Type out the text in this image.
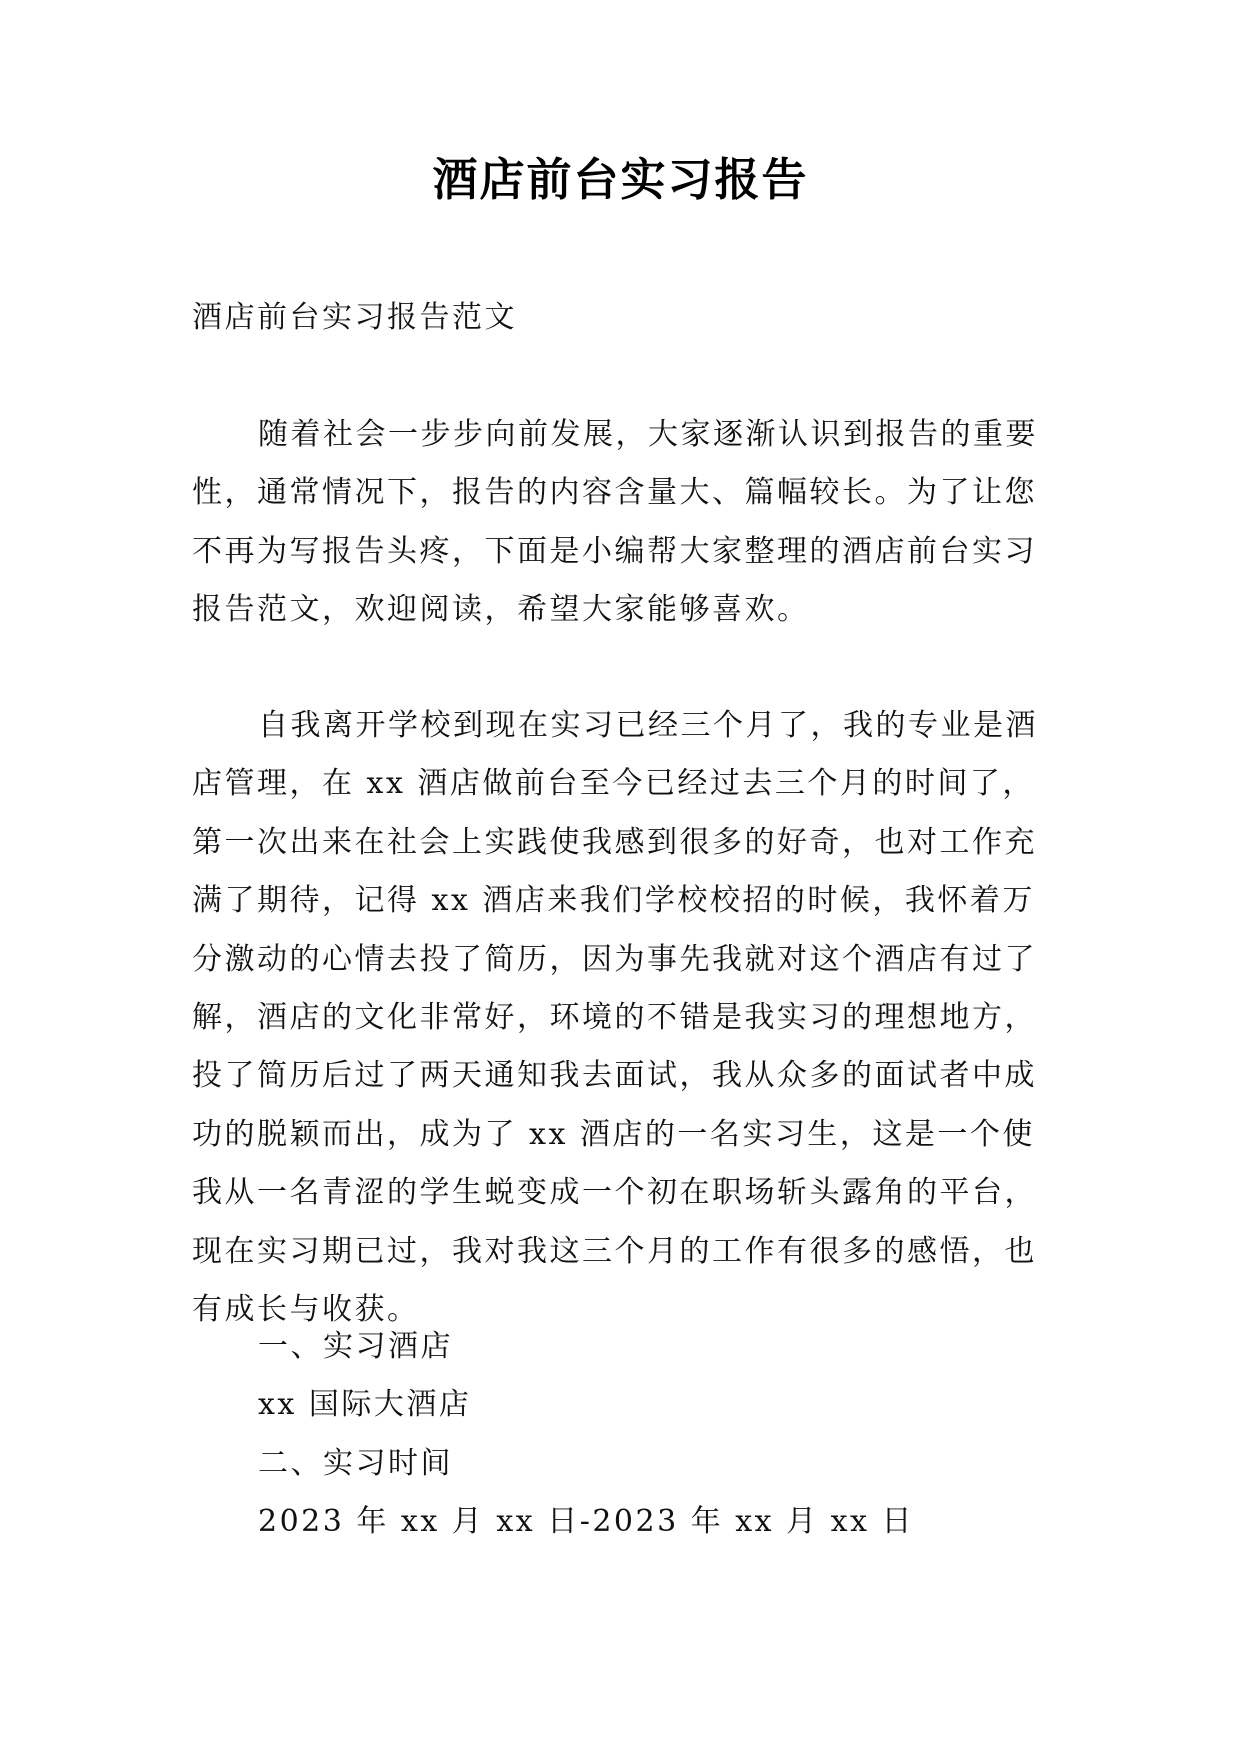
酒店前台实习报告
酒店前台实习报告范文
随着社会一步步向前发展，大家逐渐认识到报告的重要性，通常情况下，报告的内容含量大、篇幅较长。为了让您不再为写报告头疼，下面是小编帮大家整理的酒店前台实习报告范文，欢迎阅读，希望大家能够喜欢。
自我离开学校到现在实习已经三个月了，我的专业是酒店管理，在 xx 酒店做前台至今已经过去三个月的时间了，第一次出来在社会上实践使我感到很多的好奇，也对工作充满了期待，记得 xx 酒店来我们学校校招的时候，我怀着万分激动的心情去投了简历，因为事先我就对这个酒店有过了解，酒店的文化非常好，环境的不错是我实习的理想地方，投了简历后过了两天通知我去面试，我从众多的面试者中成功的脱颖而出，成为了 xx 酒店的一名实习生，这是一个使我从一名青涩的学生蜕变成一个初在职场斩头露角的平台，现在实习期已过，我对我这三个月的工作有很多的感悟，也有成长与收获。
一、实习酒店
xx 国际大酒店
二、实习时间
2023 年 xx 月 xx 日-2023 年 xx 月 xx 日
